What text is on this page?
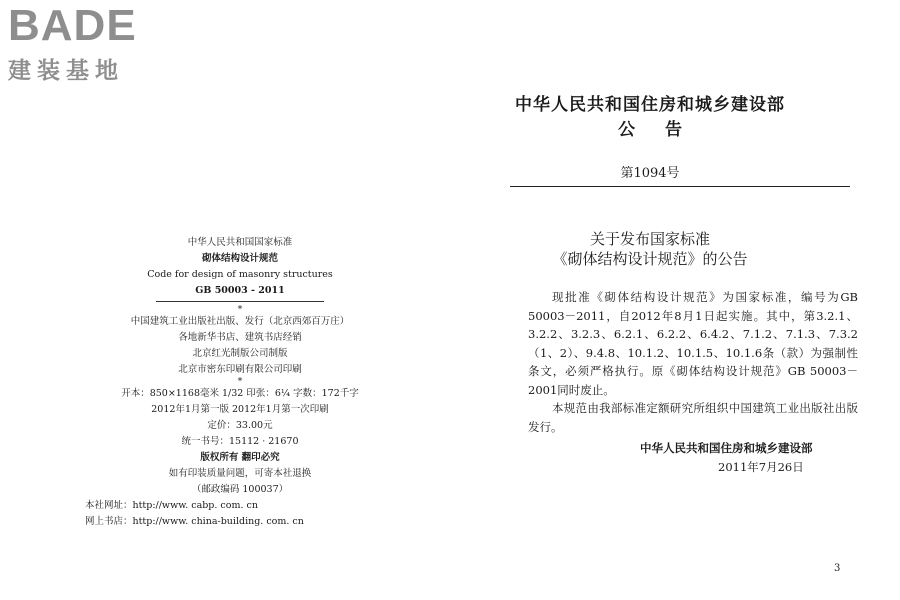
BADE
建装基地
中华人民共和国国家标准
砌体结构设计规范
Code for design of masonry structures
GB 50003 - 2011
*
中国建筑工业出版社出版、发行（北京西郊百万庄）
各地新华书店、建筑书店经销
北京红光制版公司制版
北京市密东印刷有限公司印刷
*
开本：850×1168毫米 1/32 印张：6¼ 字数：172千字
2012年1月第一版 2012年1月第一次印刷
定价：33.00元
统一书号：15112 · 21670
版权所有 翻印必究
如有印装质量问题，可寄本社退换
（邮政编码 100037）
本社网址：http://www. cabp. com. cn
网上书店：http://www. china-building. com. cn
中华人民共和国住房和城乡建设部
公告
第1094号
关于发布国家标准
《砌体结构设计规范》的公告

现批准《砌体结构设计规范》为国家标准，编号为GB 50003－2011，自2012年8月1日起实施。其中，第3.2.1、3.2.2、3.2.3、6.2.1、6.2.2、6.4.2、7.1.2、7.1.3、7.3.2（1、2）、9.4.8、10.1.2、10.1.5、10.1.6条（款）为强制性条文，必须严格执行。原《砌体结构设计规范》GB 50003－2001同时废止。

本规范由我部标准定额研究所组织中国建筑工业出版社出版发行。

中华人民共和国住房和城乡建设部
2011年7月26日
3
